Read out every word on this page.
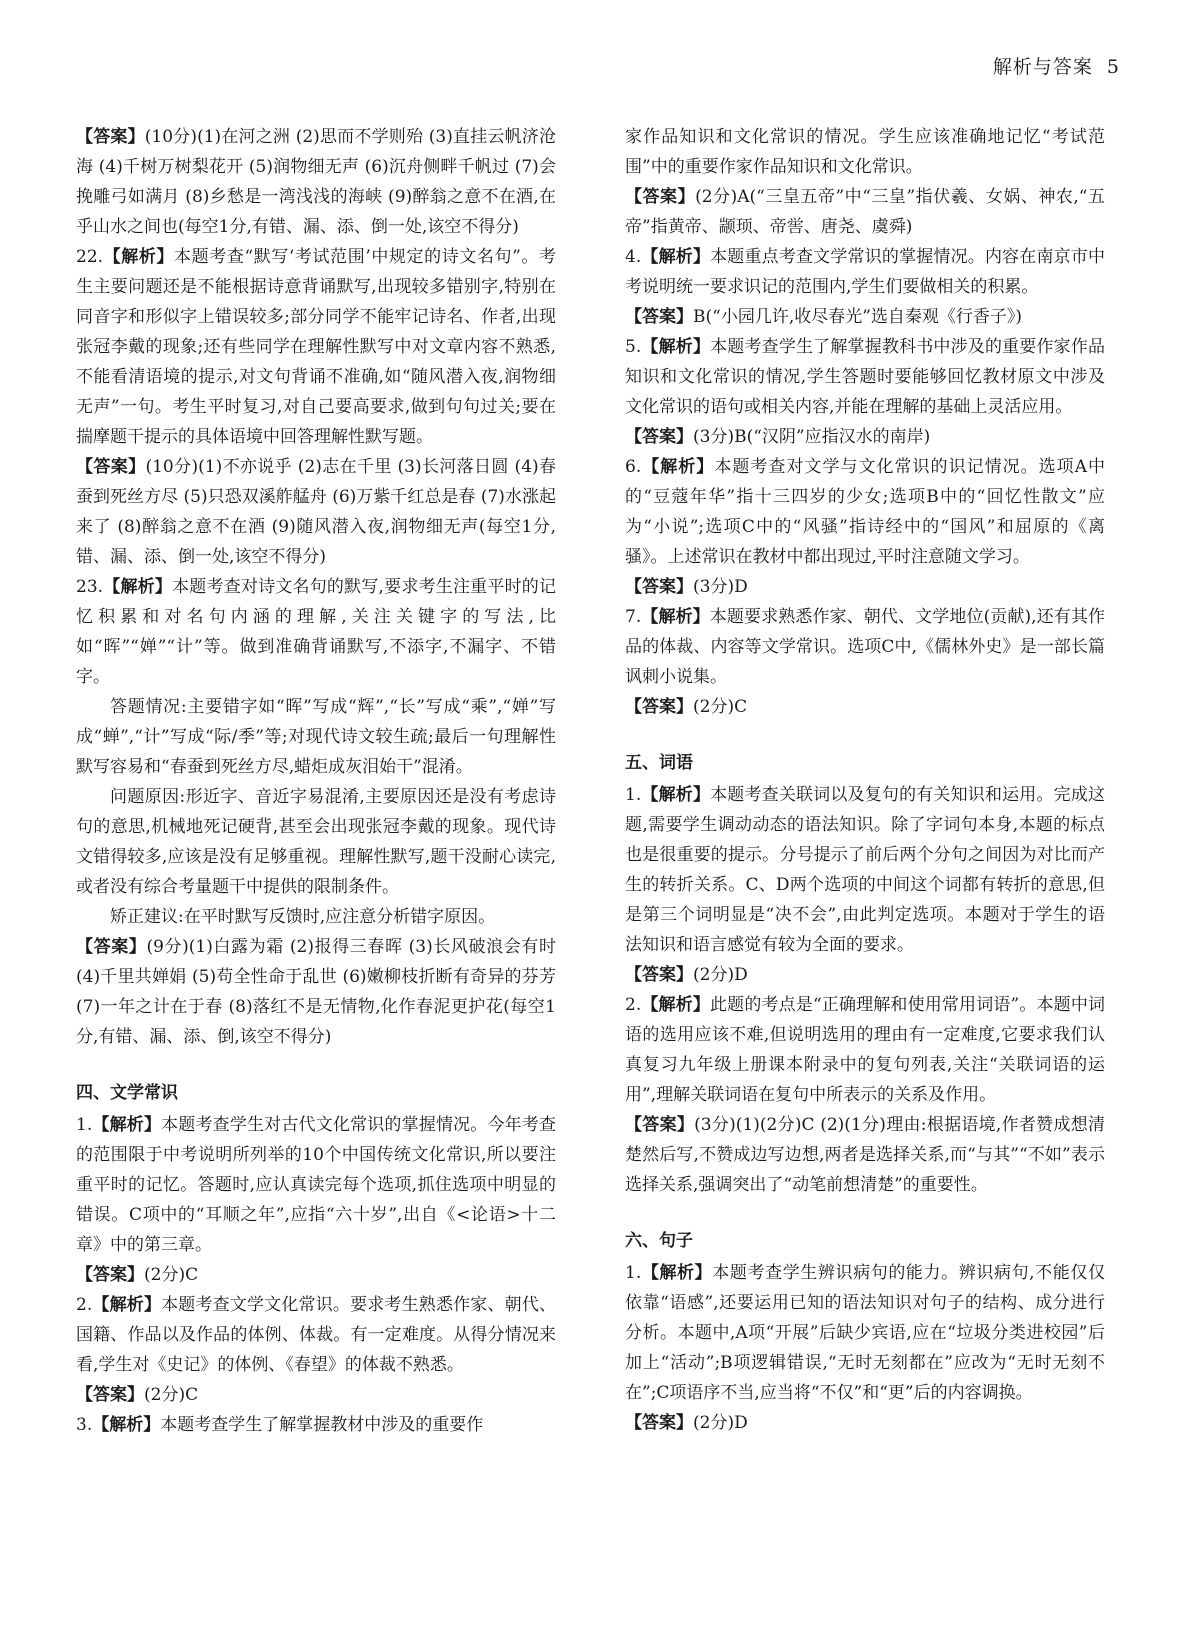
解析与答案 5

【答案】(10分)(1)在河之洲 (2)思而不学则殆 (3)直挂云帆济沧海 (4)千树万树梨花开 (5)润物细无声 (6)沉舟侧畔千帆过 (7)会挽雕弓如满月 (8)乡愁是一湾浅浅的海峡 (9)醉翁之意不在酒,在乎山水之间也(每空1分,有错、漏、添、倒一处,该空不得分)

22.【解析】本题考查“默写‘考试范围’中规定的诗文名句”。考生主要问题还是不能根据诗意背诵默写,出现较多错别字,特别在同音字和形似字上错误较多;部分同学不能牢记诗名、作者,出现张冠李戴的现象;还有些同学在理解性默写中对文章内容不熟悉,不能看清语境的提示,对文句背诵不准确,如“随风潜入夜,润物细无声”一句。考生平时复习,对自己要高要求,做到句句过关;要在揣摩题干提示的具体语境中回答理解性默写题。

【答案】(10分)(1)不亦说乎 (2)志在千里 (3)长河落日圆 (4)春蚕到死丝方尽 (5)只恐双溪舴艋舟 (6)万紫千红总是春 (7)水涨起来了 (8)醉翁之意不在酒 (9)随风潜入夜,润物细无声(每空1分,错、漏、添、倒一处,该空不得分)

23.【解析】本题考查对诗文名句的默写,要求考生注重平时的记忆积累和对名句内涵的理解,关注关键字的写法,比如“晖”“婵”“计”等。做到准确背诵默写,不添字,不漏字、不错字。

答题情况:主要错字如“晖”写成“辉”,“长”写成“乘”,“婵”写成“蝉”,“计”写成“际/季”等;对现代诗文较生疏;最后一句理解性默写容易和“春蚕到死丝方尽,蜡炬成灰泪始干”混淆。

问题原因:形近字、音近字易混淆,主要原因还是没有考虑诗句的意思,机械地死记硬背,甚至会出现张冠李戴的现象。现代诗文错得较多,应该是没有足够重视。理解性默写,题干没耐心读完,或者没有综合考量题干中提供的限制条件。

矫正建议:在平时默写反馈时,应注意分析错字原因。

【答案】(9分)(1)白露为霜 (2)报得三春晖 (3)长风破浪会有时 (4)千里共婵娟 (5)苟全性命于乱世 (6)嫩柳枝折断有奇异的芬芳 (7)一年之计在于春 (8)落红不是无情物,化作春泥更护花(每空1分,有错、漏、添、倒,该空不得分)

四、文学常识

1.【解析】本题考查学生对古代文化常识的掌握情况。今年考查的范围限于中考说明所列举的10个中国传统文化常识,所以要注重平时的记忆。答题时,应认真读完每个选项,抓住选项中明显的错误。C项中的“耳顺之年”,应指“六十岁”,出自《<论语>十二章》中的第三章。

【答案】(2分)C

2.【解析】本题考查文学文化常识。要求考生熟悉作家、朝代、国籍、作品以及作品的体例、体裁。有一定难度。从得分情况来看,学生对《史记》的体例、《春望》的体裁不熟悉。

【答案】(2分)C

3.【解析】本题考查学生了解掌握教材中涉及的重要作

家作品知识和文化常识的情况。学生应该准确地记忆“考试范围”中的重要作家作品知识和文化常识。

【答案】(2分)A(“三皇五帝”中“三皇”指伏羲、女娲、神农,“五帝”指黄帝、颛顼、帝喾、唐尧、虞舜)

4.【解析】本题重点考查文学常识的掌握情况。内容在南京市中考说明统一要求识记的范围内,学生们要做相关的积累。

【答案】B(“小园几许,收尽春光”选自秦观《行香子》)

5.【解析】本题考查学生了解掌握教科书中涉及的重要作家作品知识和文化常识的情况,学生答题时要能够回忆教材原文中涉及文化常识的语句或相关内容,并能在理解的基础上灵活应用。

【答案】(3分)B(“汉阴”应指汉水的南岸)

6.【解析】本题考查对文学与文化常识的识记情况。选项A中的“豆蔻年华”指十三四岁的少女;选项B中的“回忆性散文”应为“小说”;选项C中的“风骚”指诗经中的“国风”和屈原的《离骚》。上述常识在教材中都出现过,平时注意随文学习。

【答案】(3分)D

7.【解析】本题要求熟悉作家、朝代、文学地位(贡献),还有其作品的体裁、内容等文学常识。选项C中,《儒林外史》是一部长篇讽刺小说集。

【答案】(2分)C

五、词语

1.【解析】本题考查关联词以及复句的有关知识和运用。完成这题,需要学生调动动态的语法知识。除了字词句本身,本题的标点也是很重要的提示。分号提示了前后两个分句之间因为对比而产生的转折关系。C、D两个选项的中间这个词都有转折的意思,但是第三个词明显是“决不会”,由此判定选项。本题对于学生的语法知识和语言感觉有较为全面的要求。

【答案】(2分)D

2.【解析】此题的考点是“正确理解和使用常用词语”。本题中词语的选用应该不难,但说明选用的理由有一定难度,它要求我们认真复习九年级上册课本附录中的复句列表,关注“关联词语的运用”,理解关联词语在复句中所表示的关系及作用。

【答案】(3分)(1)(2分)C (2)(1分)理由:根据语境,作者赞成想清楚然后写,不赞成边写边想,两者是选择关系,而“与其”“不如”表示选择关系,强调突出了“动笔前想清楚”的重要性。

六、句子

1.【解析】本题考查学生辨识病句的能力。辨识病句,不能仅仅依靠“语感”,还要运用已知的语法知识对句子的结构、成分进行分析。本题中,A项“开展”后缺少宾语,应在“垃圾分类进校园”后加上“活动”;B项逻辑错误,“无时无刻都在”应改为“无时无刻不在”;C项语序不当,应当将“不仅”和“更”后的内容调换。

【答案】(2分)D
